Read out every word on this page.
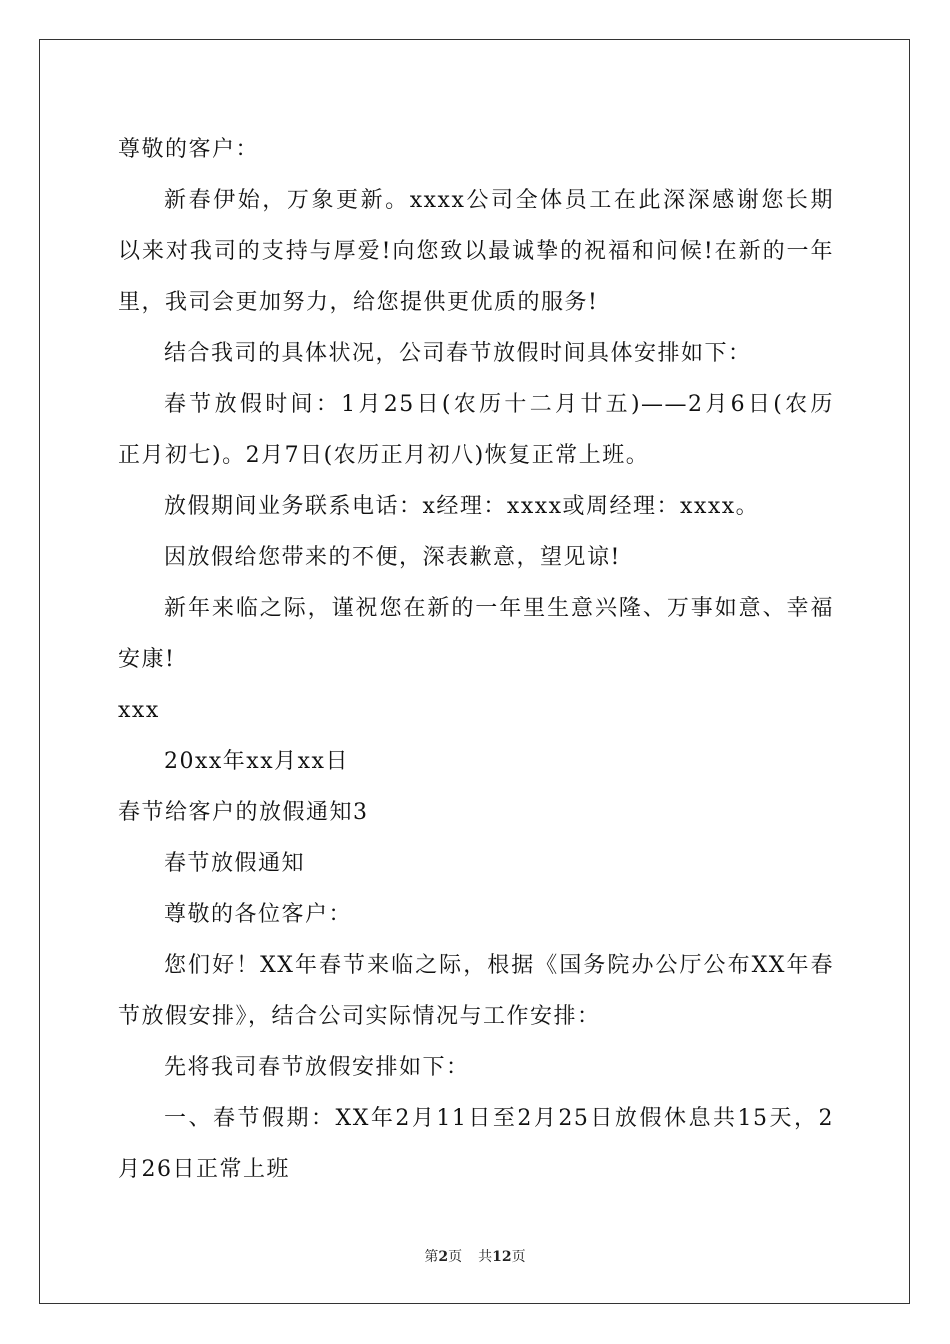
尊敬的客户：
新春伊始，万象更新。xxxx公司全体员工在此深深感谢您长期
以来对我司的支持与厚爱!向您致以最诚挚的祝福和问候!在新的一年
里，我司会更加努力，给您提供更优质的服务!
结合我司的具体状况，公司春节放假时间具体安排如下：
春节放假时间：1月25日(农历十二月廿五)——2月6日(农历
正月初七)。2月7日(农历正月初八)恢复正常上班。
放假期间业务联系电话：x经理：xxxx或周经理：xxxx。
因放假给您带来的不便，深表歉意，望见谅!
新年来临之际，谨祝您在新的一年里生意兴隆、万事如意、幸福
安康!
xxx
20xx年xx月xx日
春节给客户的放假通知3
春节放假通知
尊敬的各位客户：
您们好！XX年春节来临之际，根据《国务院办公厅公布XX年春
节放假安排》，结合公司实际情况与工作安排：
先将我司春节放假安排如下：
一、春节假期：XX年2月11日至2月25日放假休息共15天，2
月26日正常上班
第2页 共12页
